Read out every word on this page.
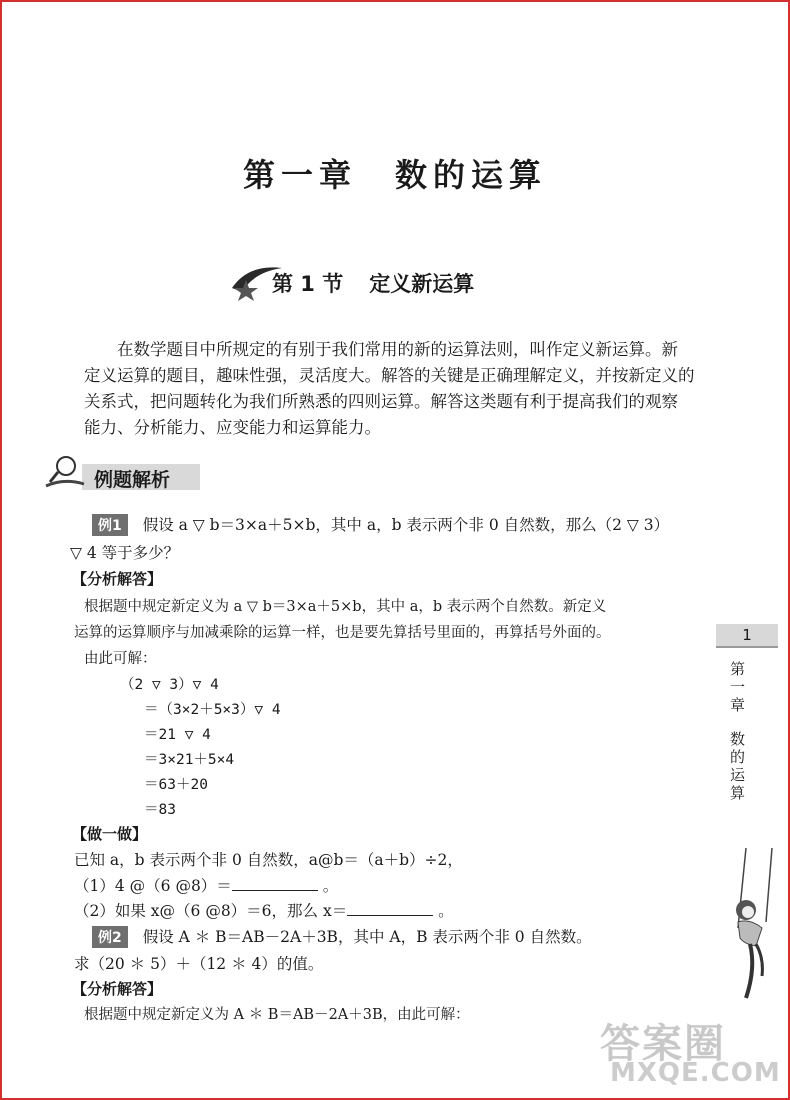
第一章　数的运算
第 1 节 定义新运算
在数学题目中所规定的有别于我们常用的新的运算法则，叫作定义新运算。新
定义运算的题目，趣味性强，灵活度大。解答的关键是正确理解定义，并按新定义的
关系式，把问题转化为我们所熟悉的四则运算。解答这类题有利于提高我们的观察
能力、分析能力、应变能力和运算能力。
例题解析
例1 假设 a ▽ b＝3×a＋5×b，其中 a，b 表示两个非 0 自然数，那么（2 ▽ 3）
▽ 4 等于多少？
【分析解答】
根据题中规定新定义为 a ▽ b＝3×a＋5×b，其中 a，b 表示两个自然数。新定义
运算的运算顺序与加减乘除的运算一样，也是要先算括号里面的，再算括号外面的。
由此可解：
（2 ▽ 3）▽ 4
＝（3×2＋5×3）▽ 4
＝21 ▽ 4
＝3×21＋5×4
＝63＋20
＝83
【做一做】
已知 a，b 表示两个非 0 自然数，a@b＝（a＋b）÷2，
（1）4 @（6 @8）＝	。
（2）如果 x@（6 @8）＝6，那么 x＝	。
例2 假设 A ＊ B＝AB－2A＋3B，其中 A，B 表示两个非 0 自然数。
求（20 ＊ 5）＋（12 ＊ 4）的值。
【分析解答】
根据题中规定新定义为 A ＊ B＝AB－2A＋3B，由此可解：
1
第
一
章
数
的
运
算
答案圈
MXQE.COM
